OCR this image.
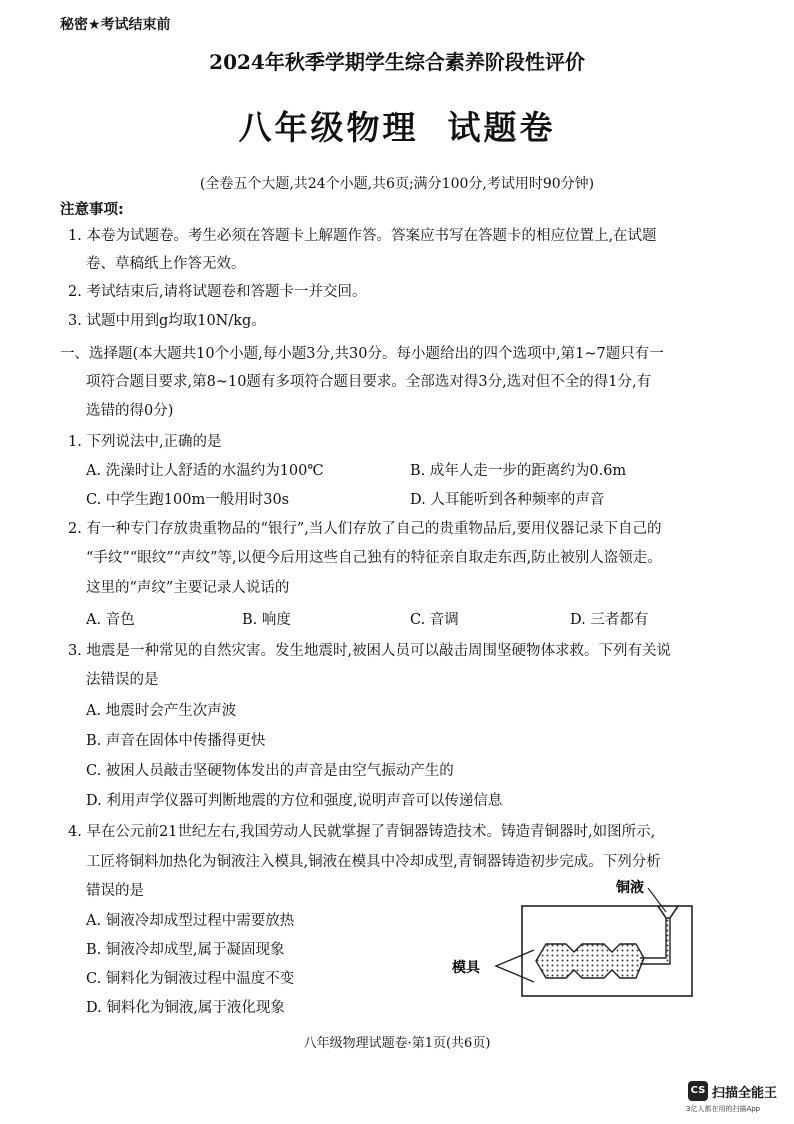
秘密★考试结束前
2024年秋季学期学生综合素养阶段性评价
八年级物理  试题卷
(全卷五个大题,共24个小题,共6页;满分100分,考试用时90分钟)
注意事项:
1. 本卷为试题卷。考生必须在答题卡上解题作答。答案应书写在答题卡的相应位置上,在试题
卷、草稿纸上作答无效。
2. 考试结束后,请将试题卷和答题卡一并交回。
3. 试题中用到g均取10N/kg。
一、选择题(本大题共10个小题,每小题3分,共30分。每小题给出的四个选项中,第1~7题只有一
项符合题目要求,第8~10题有多项符合题目要求。全部选对得3分,选对但不全的得1分,有
选错的得0分)
1. 下列说法中,正确的是
A. 洗澡时让人舒适的水温约为100℃	B. 成年人走一步的距离约为0.6m
C. 中学生跑100m一般用时30s	D. 人耳能听到各种频率的声音
2. 有一种专门存放贵重物品的“银行”,当人们存放了自己的贵重物品后,要用仪器记录下自己的
“手纹”“眼纹”“声纹”等,以便今后用这些自己独有的特征亲自取走东西,防止被别人盗领走。
这里的“声纹”主要记录人说话的
A. 音色	B. 响度	C. 音调	D. 三者都有
3. 地震是一种常见的自然灾害。发生地震时,被困人员可以敲击周围坚硬物体求救。下列有关说
法错误的是
A. 地震时会产生次声波
B. 声音在固体中传播得更快
C. 被困人员敲击坚硬物体发出的声音是由空气振动产生的
D. 利用声学仪器可判断地震的方位和强度,说明声音可以传递信息
4. 早在公元前21世纪左右,我国劳动人民就掌握了青铜器铸造技术。铸造青铜器时,如图所示,
工匠将铜料加热化为铜液注入模具,铜液在模具中冷却成型,青铜器铸造初步完成。下列分析
错误的是
A. 铜液冷却成型过程中需要放热
B. 铜液冷却成型,属于凝固现象
C. 铜料化为铜液过程中温度不变
D. 铜料化为铜液,属于液化现象
铜液
模具
八年级物理试题卷·第1页(共6页)
CS 扫描全能王
3亿人都在用的扫描App
